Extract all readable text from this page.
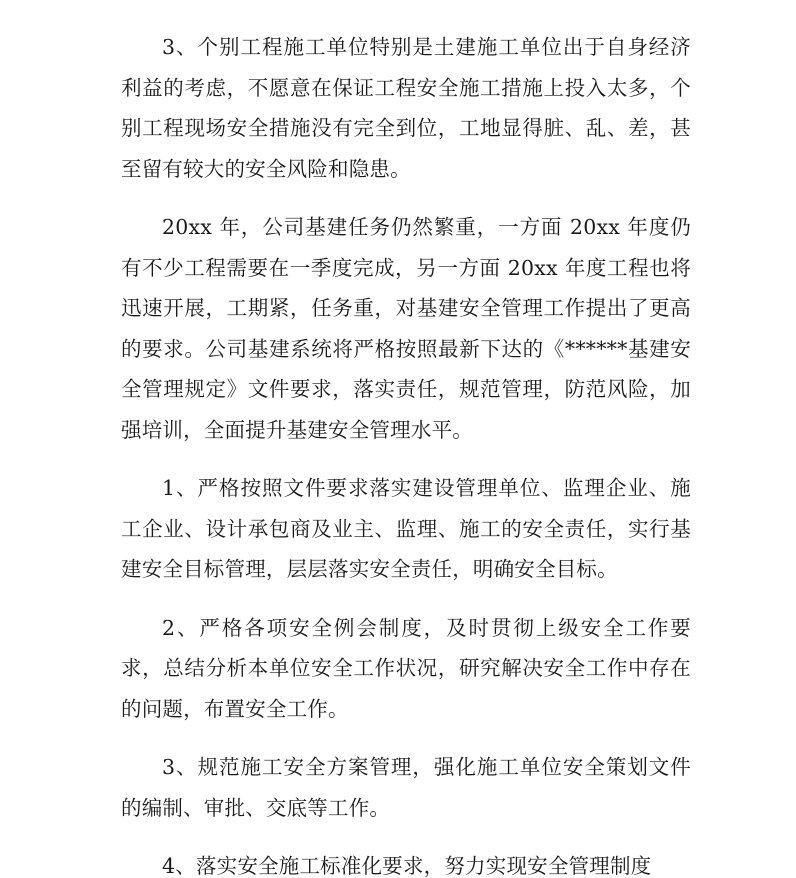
3、个别工程施工单位特别是土建施工单位出于自身经济利益的考虑，不愿意在保证工程安全施工措施上投入太多，个别工程现场安全措施没有完全到位，工地显得脏、乱、差，甚至留有较大的安全风险和隐患。

20xx 年，公司基建任务仍然繁重，一方面 20xx 年度仍有不少工程需要在一季度完成，另一方面 20xx 年度工程也将迅速开展，工期紧，任务重，对基建安全管理工作提出了更高的要求。公司基建系统将严格按照最新下达的《******基建安全管理规定》文件要求，落实责任，规范管理，防范风险，加强培训，全面提升基建安全管理水平。

1、严格按照文件要求落实建设管理单位、监理企业、施工企业、设计承包商及业主、监理、施工的安全责任，实行基建安全目标管理，层层落实安全责任，明确安全目标。

2、严格各项安全例会制度，及时贯彻上级安全工作要求，总结分析本单位安全工作状况，研究解决安全工作中存在的问题，布置安全工作。

3、规范施工安全方案管理，强化施工单位安全策划文件的编制、审批、交底等工作。

4、落实安全施工标准化要求，努力实现安全管理制度
